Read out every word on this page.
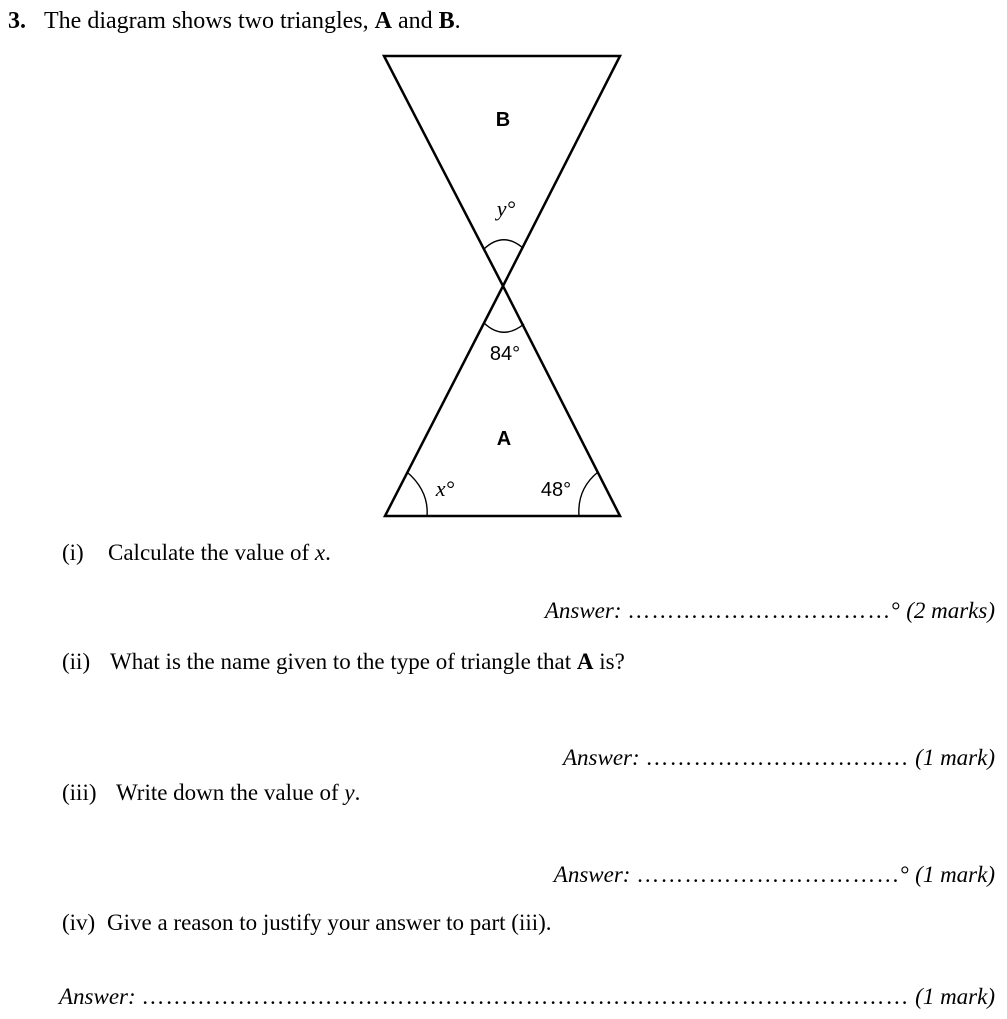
3. The diagram shows two triangles, A and B.
B
y°
84°
A
x°	48°
(i) Calculate the value of x.
Answer: ……………………………° (2 marks)
(ii) What is the name given to the type of triangle that A is?
Answer: …………………………… (1 mark)
(iii) Write down the value of y.
Answer: ……………………………° (1 mark)
(iv) Give a reason to justify your answer to part (iii).
Answer: …………………………………………………………………………………… (1 mark)
